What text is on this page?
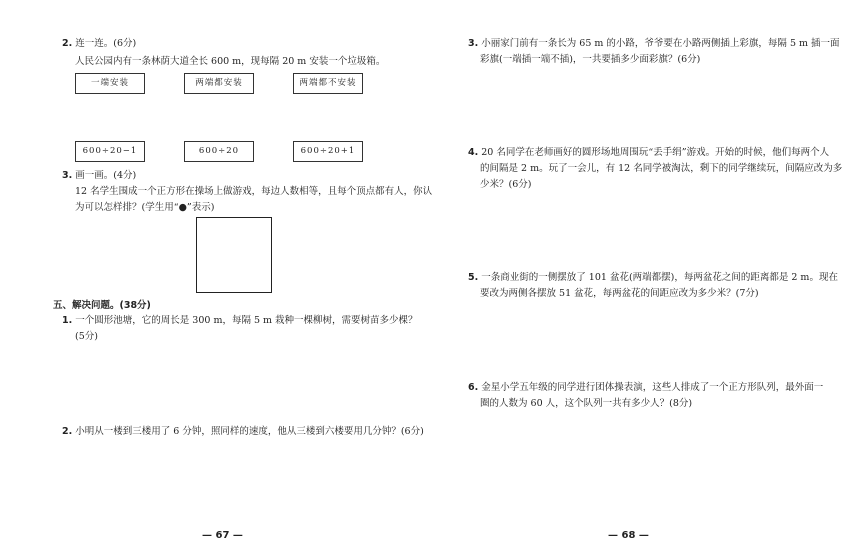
2. 连一连。(6分)
人民公园内有一条林荫大道全长 600 m，现每隔 20 m 安装一个垃圾箱。
一端安装	两端都安装	两端都不安装
600÷20−1	600÷20	600÷20+1
3. 画一画。(4分)
12 名学生围成一个正方形在操场上做游戏，每边人数相等，且每个顶点都有人，你认
为可以怎样排？(学生用“●”表示)
五、解决问题。(38分)
1. 一个圆形池塘，它的周长是 300 m，每隔 5 m 栽种一棵柳树，需要树苗多少棵？
(5分)
2. 小明从一楼到三楼用了 6 分钟，照同样的速度，他从三楼到六楼要用几分钟？(6分)
— 67 —
3. 小丽家门前有一条长为 65 m 的小路，爷爷要在小路两侧插上彩旗，每隔 5 m 插一面
彩旗(一端插一端不插)，一共要插多少面彩旗？(6分)
4. 20 名同学在老师画好的圆形场地周围玩“丢手绢”游戏。开始的时候，他们每两个人
的间隔是 2 m。玩了一会儿，有 12 名同学被淘汰，剩下的同学继续玩，间隔应改为多
少米？(6分)
5. 一条商业街的一侧摆放了 101 盆花(两端都摆)，每两盆花之间的距离都是 2 m。现在
要改为两侧各摆放 51 盆花，每两盆花的间距应改为多少米？(7分)
6. 金星小学五年级的同学进行团体操表演，这些人排成了一个正方形队列，最外面一
圈的人数为 60 人，这个队列一共有多少人？(8分)
— 68 —
